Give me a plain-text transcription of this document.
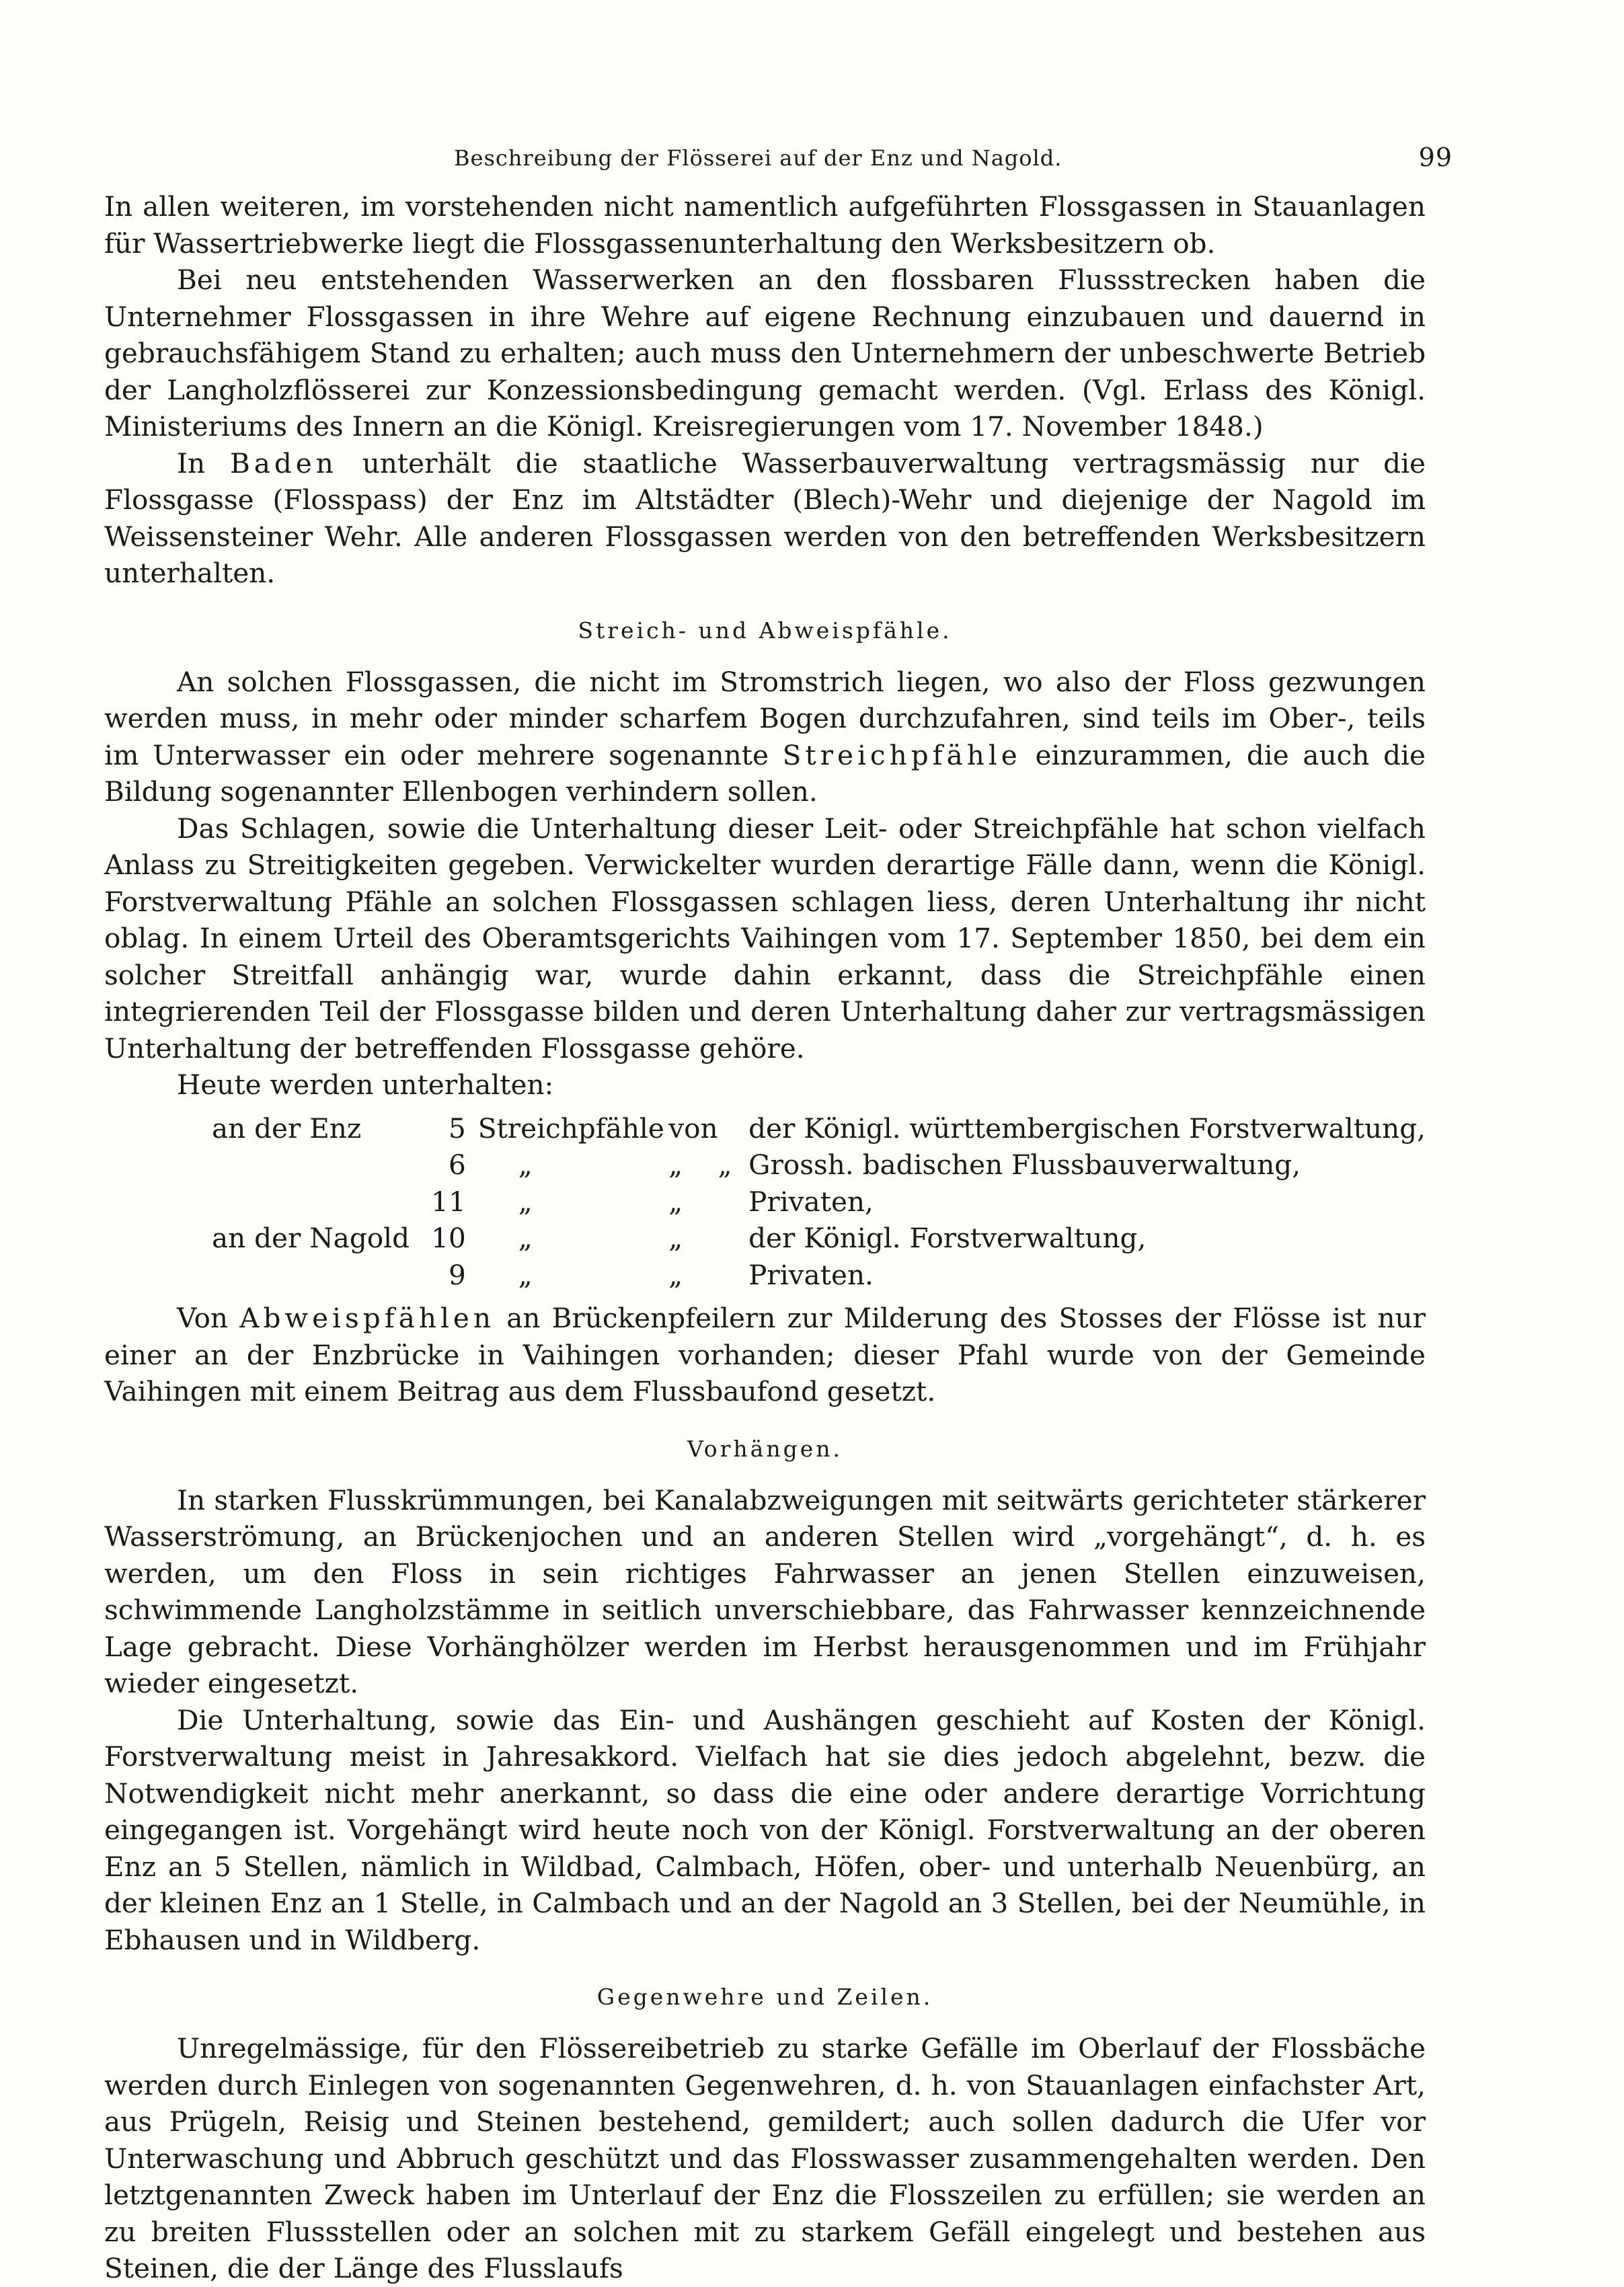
Beschreibung der Flösserei auf der Enz und Nagold.	99

In allen weiteren, im vorstehenden nicht namentlich aufgeführten Flossgassen in Stauanlagen für Wassertriebwerke liegt die Flossgassenunterhaltung den Werksbesitzern ob.

Bei neu entstehenden Wasserwerken an den flossbaren Flussstrecken haben die Unternehmer Flossgassen in ihre Wehre auf eigene Rechnung einzubauen und dauernd in gebrauchsfähigem Stand zu erhalten; auch muss den Unternehmern der unbeschwerte Betrieb der Langholzflösserei zur Konzessionsbedingung gemacht werden. (Vgl. Erlass des Königl. Ministeriums des Innern an die Königl. Kreisregierungen vom 17. November 1848.)

In Baden unterhält die staatliche Wasserbauverwaltung vertragsmässig nur die Flossgasse (Flosspass) der Enz im Altstädter (Blech)-Wehr und diejenige der Nagold im Weissensteiner Wehr. Alle anderen Flossgassen werden von den betreffenden Werksbesitzern unterhalten.

Streich- und Abweispfähle.

An solchen Flossgassen, die nicht im Stromstrich liegen, wo also der Floss gezwungen werden muss, in mehr oder minder scharfem Bogen durchzufahren, sind teils im Ober-, teils im Unterwasser ein oder mehrere sogenannte Streichpfähle einzurammen, die auch die Bildung sogenannter Ellenbogen verhindern sollen.

Das Schlagen, sowie die Unterhaltung dieser Leit- oder Streichpfähle hat schon vielfach Anlass zu Streitigkeiten gegeben. Verwickelter wurden derartige Fälle dann, wenn die Königl. Forstverwaltung Pfähle an solchen Flossgassen schlagen liess, deren Unterhaltung ihr nicht oblag. In einem Urteil des Oberamtsgerichts Vaihingen vom 17. September 1850, bei dem ein solcher Streitfall anhängig war, wurde dahin erkannt, dass die Streichpfähle einen integrierenden Teil der Flossgasse bilden und deren Unterhaltung daher zur vertragsmässigen Unterhaltung der betreffenden Flossgasse gehöre.

Heute werden unterhalten:

an der Enz	5	Streichpfähle	von		der Königl. württembergischen Forstverwaltung,
	6	„	„	„	Grossh. badischen Flussbauverwaltung,
	11	„	„		Privaten,
an der Nagold	10	„	„		der Königl. Forstverwaltung,
	9	„	„		Privaten.

Von Abweispfählen an Brückenpfeilern zur Milderung des Stosses der Flösse ist nur einer an der Enzbrücke in Vaihingen vorhanden; dieser Pfahl wurde von der Gemeinde Vaihingen mit einem Beitrag aus dem Flussbaufond gesetzt.

Vorhängen.

In starken Flusskrümmungen, bei Kanalabzweigungen mit seitwärts gerichteter stärkerer Wasserströmung, an Brückenjochen und an anderen Stellen wird „vorgehängt“, d. h. es werden, um den Floss in sein richtiges Fahrwasser an jenen Stellen einzuweisen, schwimmende Langholzstämme in seitlich unverschiebbare, das Fahrwasser kennzeichnende Lage gebracht. Diese Vorhänghölzer werden im Herbst herausgenommen und im Frühjahr wieder eingesetzt.

Die Unterhaltung, sowie das Ein- und Aushängen geschieht auf Kosten der Königl. Forstverwaltung meist in Jahresakkord. Vielfach hat sie dies jedoch abgelehnt, bezw. die Notwendigkeit nicht mehr anerkannt, so dass die eine oder andere derartige Vorrichtung eingegangen ist. Vorgehängt wird heute noch von der Königl. Forstverwaltung an der oberen Enz an 5 Stellen, nämlich in Wildbad, Calmbach, Höfen, ober- und unterhalb Neuenbürg, an der kleinen Enz an 1 Stelle, in Calmbach und an der Nagold an 3 Stellen, bei der Neumühle, in Ebhausen und in Wildberg.

Gegenwehre und Zeilen.

Unregelmässige, für den Flössereibetrieb zu starke Gefälle im Oberlauf der Flossbäche werden durch Einlegen von sogenannten Gegenwehren, d. h. von Stauanlagen einfachster Art, aus Prügeln, Reisig und Steinen bestehend, gemildert; auch sollen dadurch die Ufer vor Unterwaschung und Abbruch geschützt und das Flosswasser zusammengehalten werden. Den letztgenannten Zweck haben im Unterlauf der Enz die Flosszeilen zu erfüllen; sie werden an zu breiten Flussstellen oder an solchen mit zu starkem Gefäll eingelegt und bestehen aus Steinen, die der Länge des Flusslaufs
